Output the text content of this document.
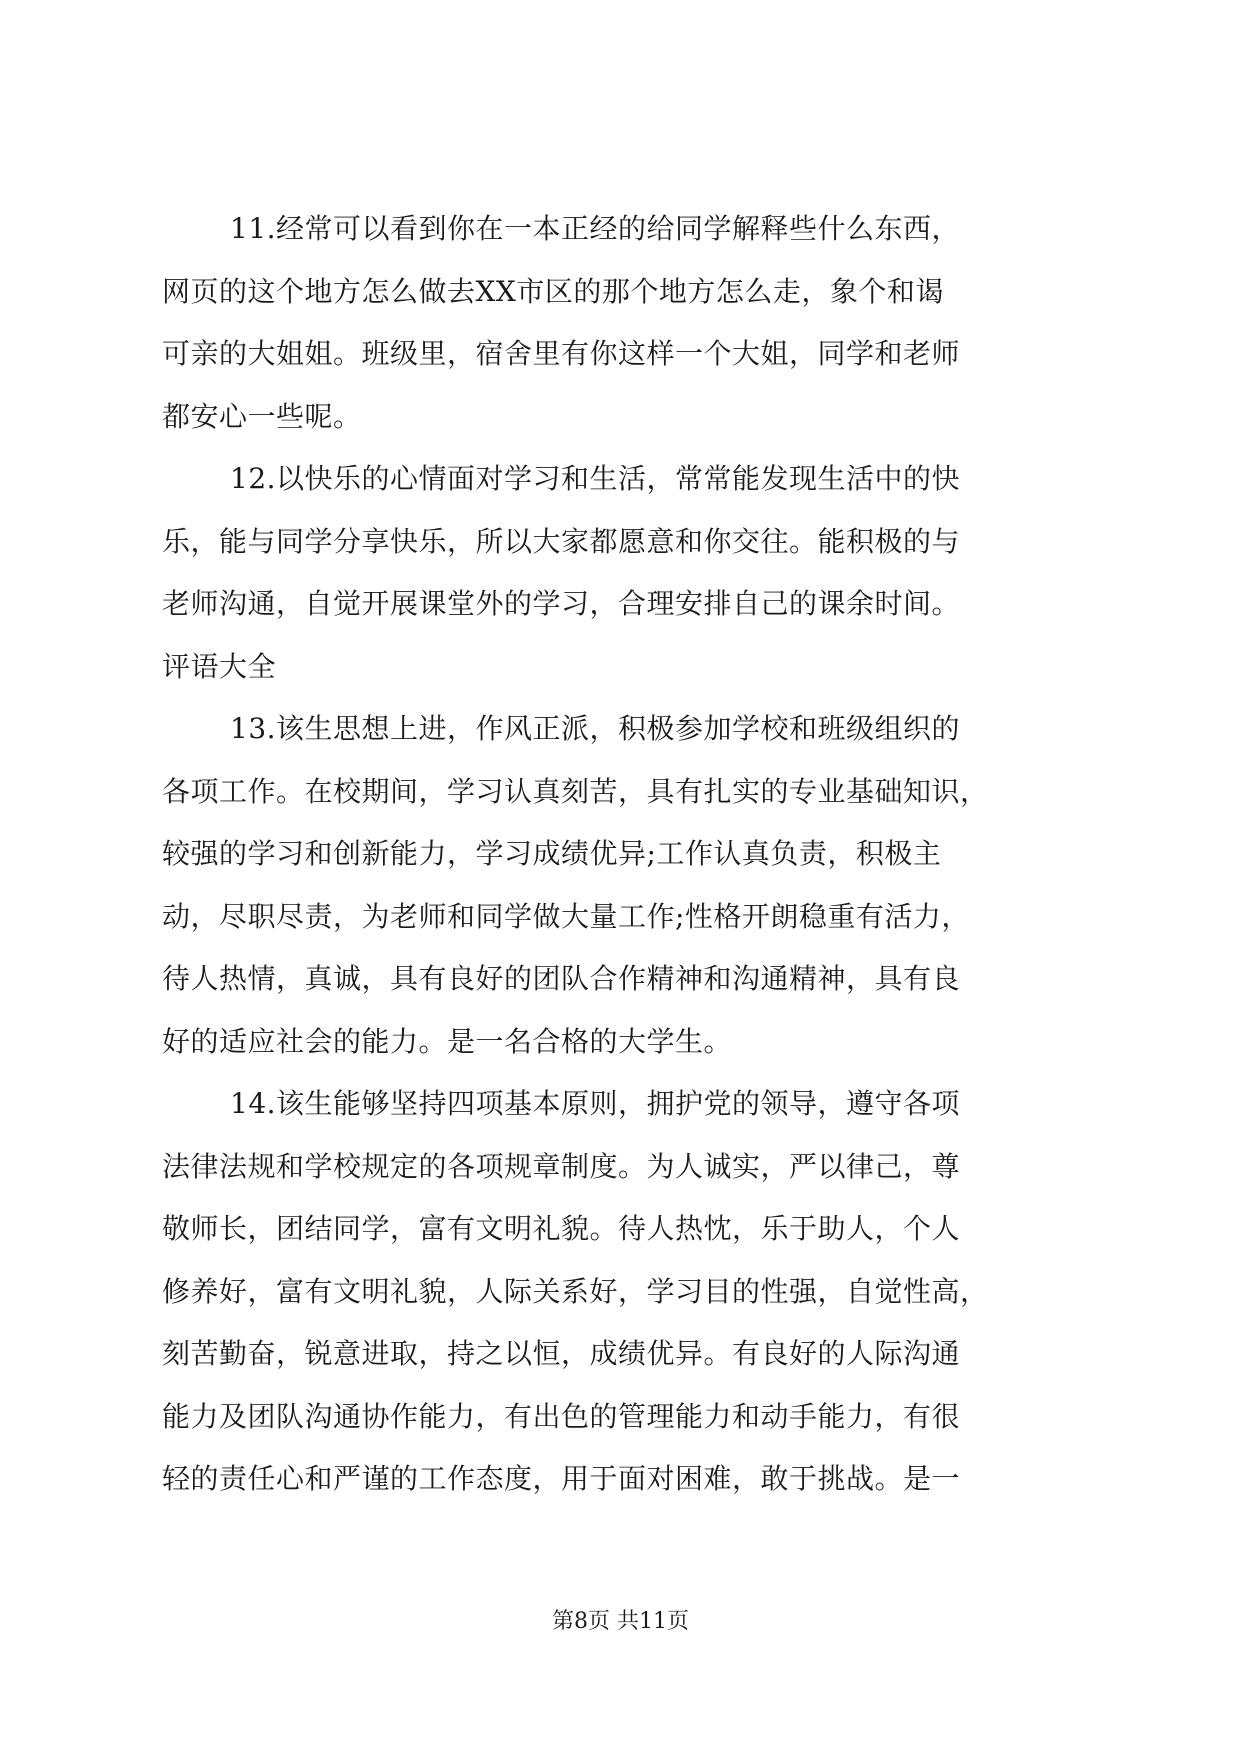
11.经常可以看到你在一本正经的给同学解释些什么东西，
网页的这个地方怎么做去XX市区的那个地方怎么走，象个和谒
可亲的大姐姐。班级里，宿舍里有你这样一个大姐，同学和老师
都安心一些呢。

12.以快乐的心情面对学习和生活，常常能发现生活中的快
乐，能与同学分享快乐，所以大家都愿意和你交往。能积极的与
老师沟通，自觉开展课堂外的学习，合理安排自己的课余时间。
评语大全

13.该生思想上进，作风正派，积极参加学校和班级组织的
各项工作。在校期间，学习认真刻苦，具有扎实的专业基础知识，
较强的学习和创新能力，学习成绩优异;工作认真负责，积极主
动，尽职尽责，为老师和同学做大量工作;性格开朗稳重有活力，
待人热情，真诚，具有良好的团队合作精神和沟通精神，具有良
好的适应社会的能力。是一名合格的大学生。

14.该生能够坚持四项基本原则，拥护党的领导，遵守各项
法律法规和学校规定的各项规章制度。为人诚实，严以律己，尊
敬师长，团结同学，富有文明礼貌。待人热忱，乐于助人，个人
修养好，富有文明礼貌，人际关系好，学习目的性强，自觉性高，
刻苦勤奋，锐意进取，持之以恒，成绩优异。有良好的人际沟通
能力及团队沟通协作能力，有出色的管理能力和动手能力，有很
轻的责任心和严谨的工作态度，用于面对困难，敢于挑战。是一

第8页 共11页
